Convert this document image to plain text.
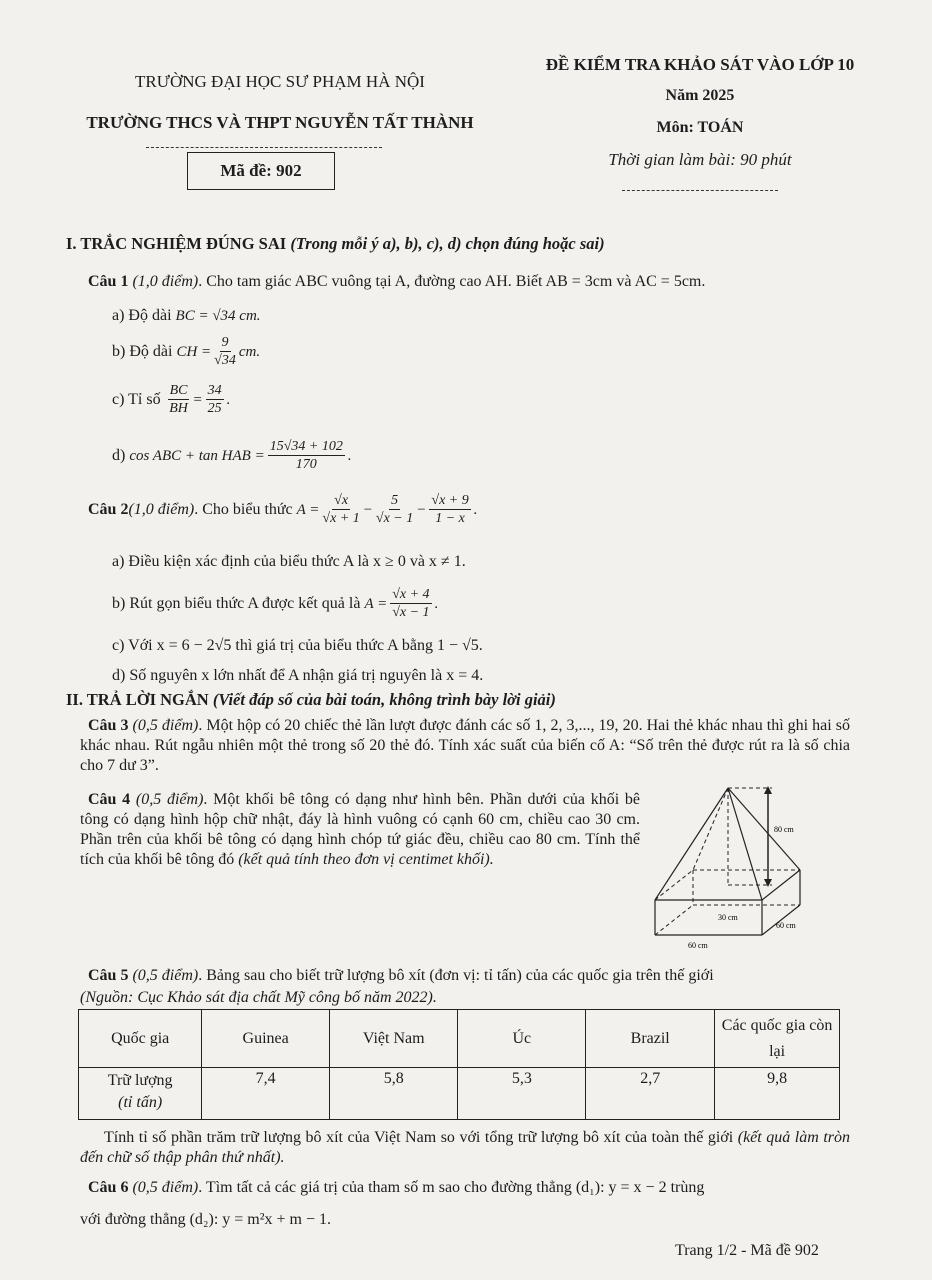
TRƯỜNG ĐẠI HỌC SƯ PHẠM HÀ NỘI
TRƯỜNG THCS VÀ THPT NGUYỄN TẤT THÀNH
Mã đề: 902
ĐỀ KIỂM TRA KHẢO SÁT VÀO LỚP 10
Năm 2025
Môn: TOÁN
Thời gian làm bài: 90 phút
I. TRẮC NGHIỆM ĐÚNG SAI (Trong mỗi ý a), b), c), d) chọn đúng hoặc sai)
Câu 1 (1,0 điểm). Cho tam giác ABC vuông tại A, đường cao AH. Biết AB = 3cm và AC = 5cm.
a) Độ dài BC = √34 cm.
b) Độ dài
CH = $\frac{9}{√34}$ cm.
c) Tỉ số
$\frac{BC}{BH} = \frac{34}{25}$ .
d)
cos ABC + tan HAB = $\frac{15√34 + 102}{170}$ .
Câu 2 (1,0 điểm) . Cho biểu thức
$A = \frac{√x}{√x + 1} - \frac{5}{√x - 1} - \frac{√x + 9}{1 - x}$ .
a) Điều kiện xác định của biểu thức A là x ≥ 0 và x ≠ 1.
b) Rút gọn biểu thức A được kết quả là
$A = \frac{√x + 4}{√x - 1}$ .
c) Với x = 6 − 2√5 thì giá trị của biểu thức A bằng 1 − √5.
d) Số nguyên x lớn nhất để A nhận giá trị nguyên là x = 4.
II. TRẢ LỜI NGẮN (Viết đáp số của bài toán, không trình bày lời giải)
Câu 3 (0,5 điểm). Một hộp có 20 chiếc thẻ lần lượt được đánh các số 1, 2, 3,..., 19, 20. Hai thẻ khác nhau thì ghi hai số khác nhau. Rút ngẫu nhiên một thẻ trong số 20 thẻ đó. Tính xác suất của biến cố A: “Số trên thẻ được rút ra là số chia cho 7 dư 3”.
Câu 4 (0,5 điểm). Một khối bê tông có dạng như hình bên. Phần dưới của khối bê tông có dạng hình hộp chữ nhật, đáy là hình vuông có cạnh 60 cm, chiều cao 30 cm. Phần trên của khối bê tông có dạng hình chóp tứ giác đều, chiều cao 80 cm. Tính thể tích của khối bê tông đó (kết quả tính theo đơn vị centimet khối).
80 cm
30 cm
60 cm
60 cm
Câu 5 (0,5 điểm). Bảng sau cho biết trữ lượng bô xít (đơn vị: tỉ tấn) của các quốc gia trên thế giới
(Nguồn: Cục Khảo sát địa chất Mỹ công bố năm 2022).
Quốc gia	Guinea	Việt Nam	Úc	Brazil	Các quốc gia còn lại
Trữ lượng
(tỉ tấn)	7,4	5,8	5,3	2,7	9,8
Tính tỉ số phần trăm trữ lượng bô xít của Việt Nam so với tổng trữ lượng bô xít của toàn thế giới (kết quả làm tròn đến chữ số thập phân thứ nhất).
Câu 6 (0,5 điểm). Tìm tất cả các giá trị của tham số m sao cho đường thẳng (d₁): y = x − 2 trùng
với đường thẳng (d₂): y = m²x + m − 1.
Trang 1/2 - Mã đề 902
